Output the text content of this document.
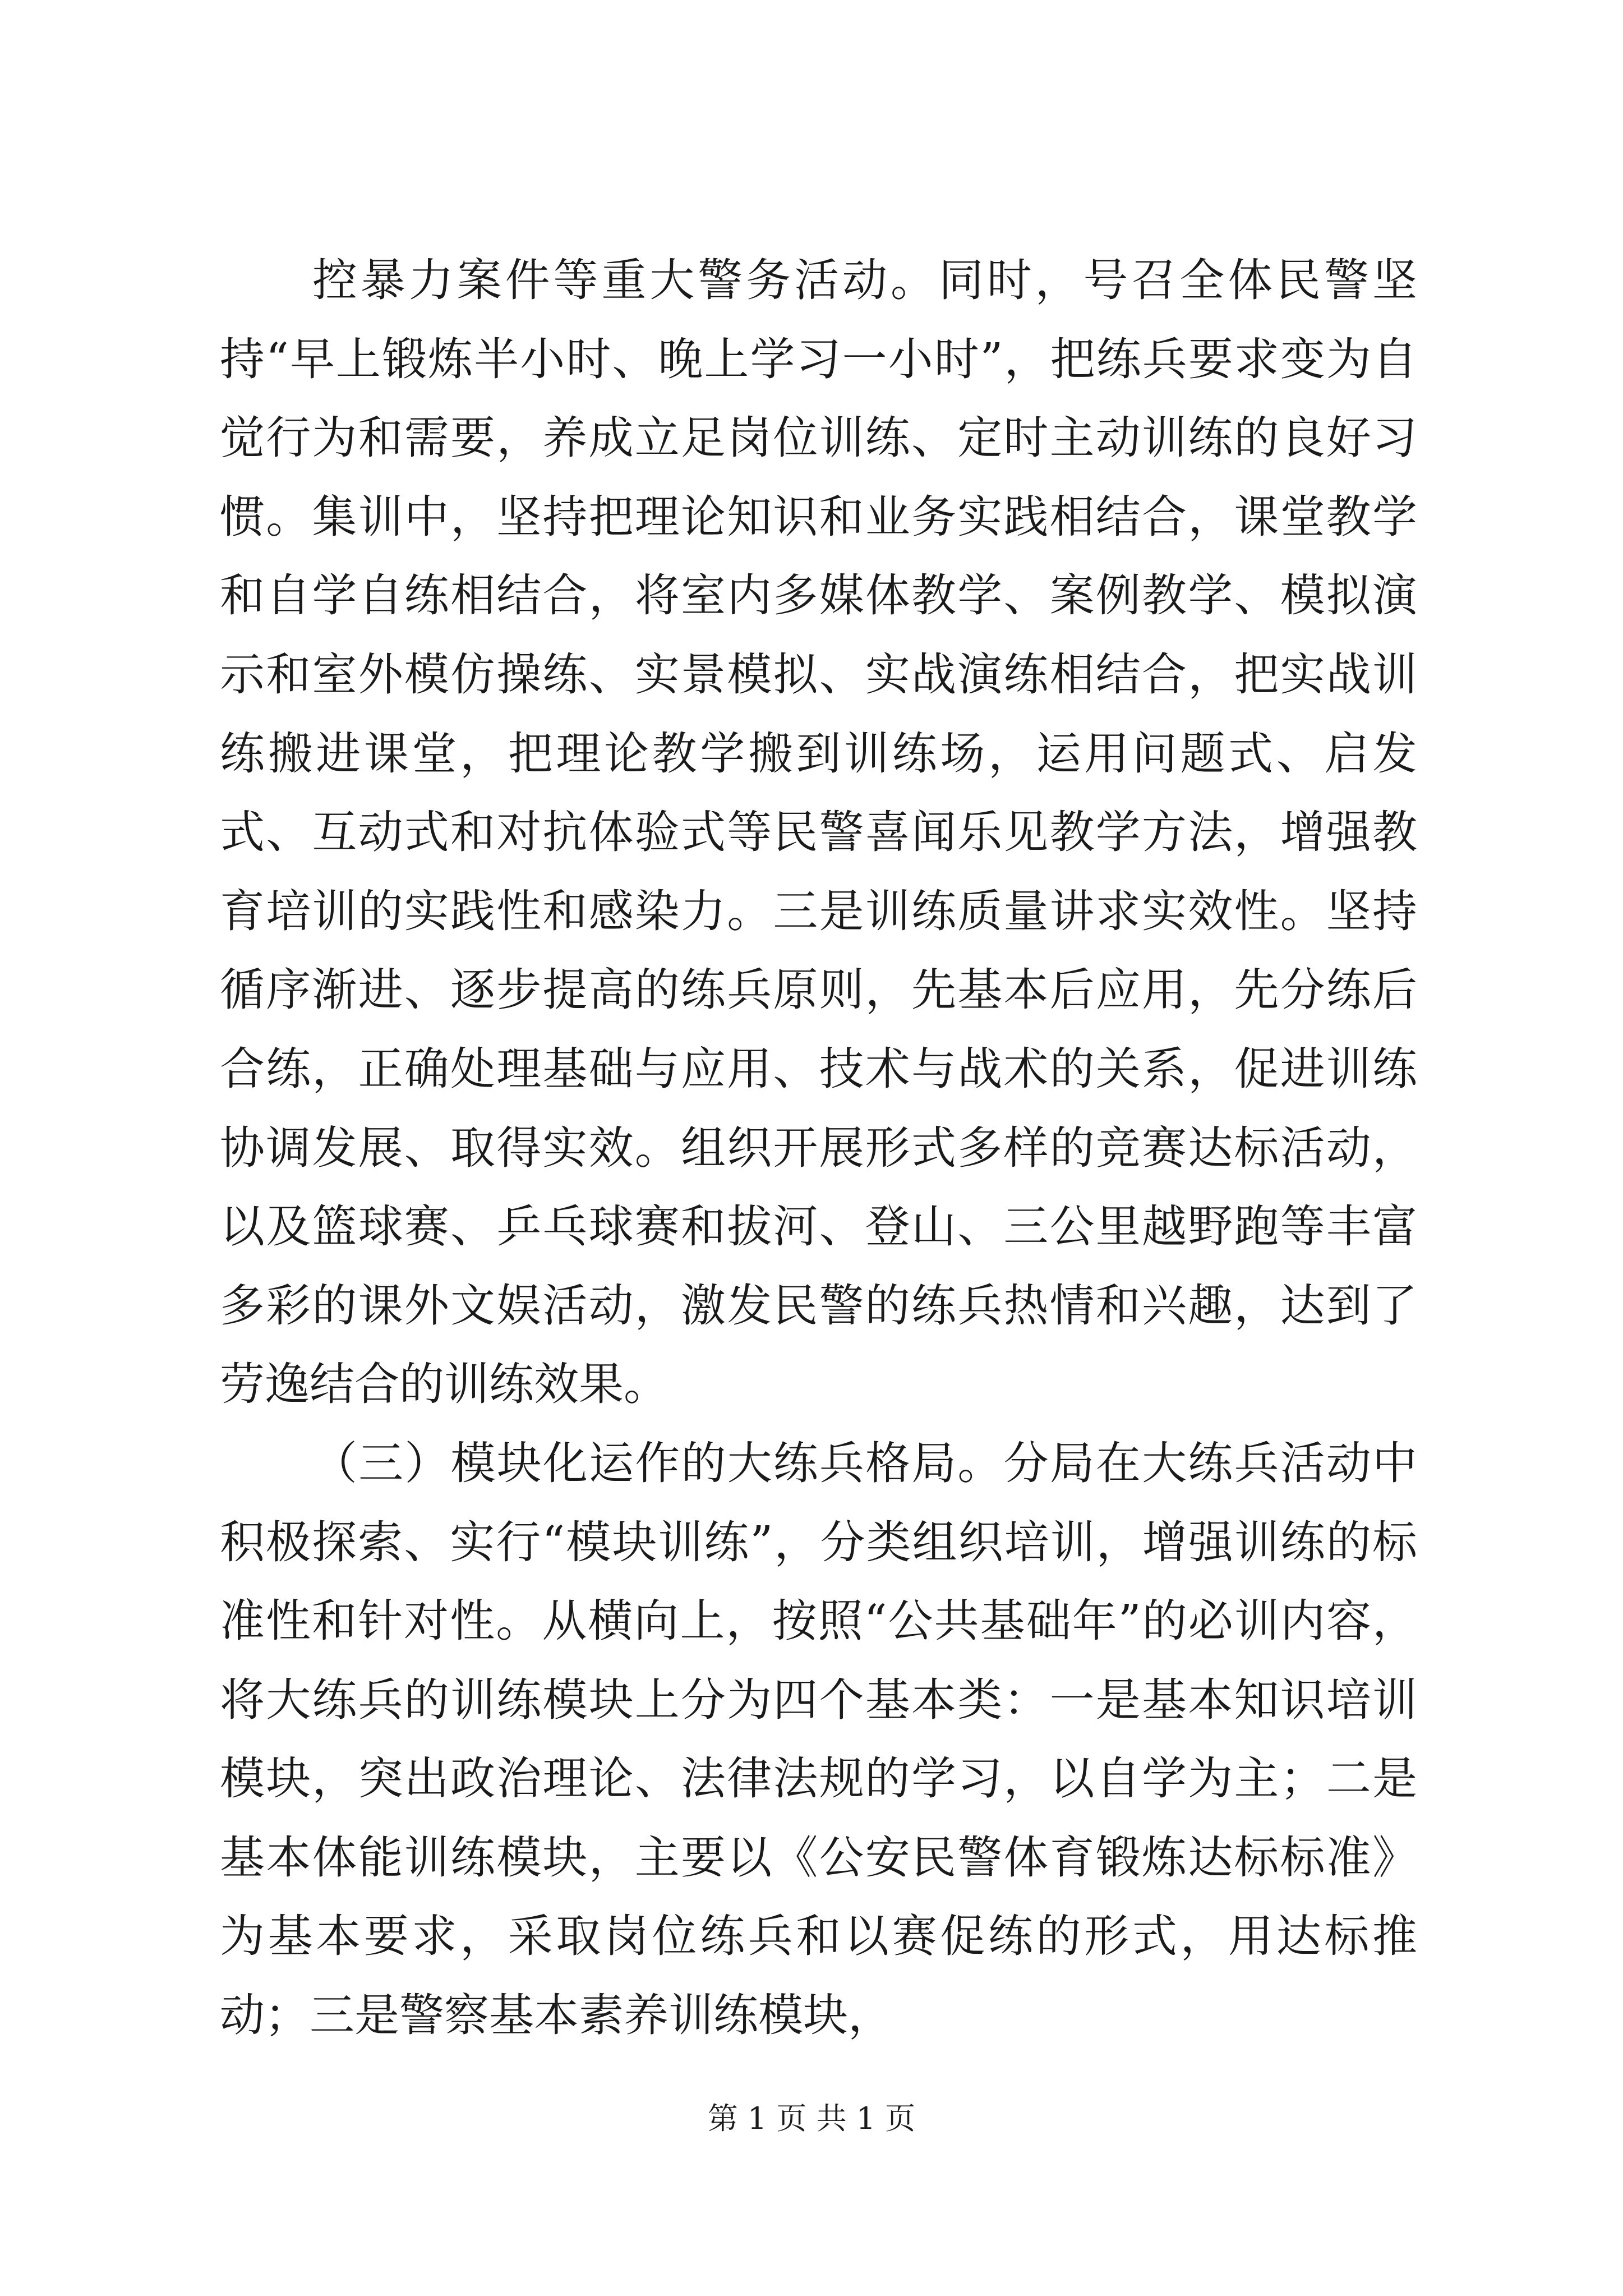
控暴力案件等重大警务活动。同时，号召全体民警坚持“早上锻炼半小时、晚上学习一小时”，把练兵要求变为自觉行为和需要，养成立足岗位训练、定时主动训练的良好习惯。集训中，坚持把理论知识和业务实践相结合，课堂教学和自学自练相结合，将室内多媒体教学、案例教学、模拟演示和室外模仿操练、实景模拟、实战演练相结合，把实战训练搬进课堂，把理论教学搬到训练场，运用问题式、启发式、互动式和对抗体验式等民警喜闻乐见教学方法，增强教育培训的实践性和感染力。三是训练质量讲求实效性。坚持循序渐进、逐步提高的练兵原则，先基本后应用，先分练后合练，正确处理基础与应用、技术与战术的关系，促进训练协调发展、取得实效。组织开展形式多样的竞赛达标活动，以及篮球赛、乒乓球赛和拔河、登山、三公里越野跑等丰富多彩的课外文娱活动，激发民警的练兵热情和兴趣，达到了劳逸结合的训练效果。

（三）模块化运作的大练兵格局。分局在大练兵活动中积极探索、实行“模块训练”，分类组织培训，增强训练的标准性和针对性。从横向上，按照“公共基础年”的必训内容，将大练兵的训练模块上分为四个基本类：一是基本知识培训模块，突出政治理论、法律法规的学习，以自学为主；二是基本体能训练模块，主要以《公安民警体育锻炼达标标准》为基本要求，采取岗位练兵和以赛促练的形式，用达标推动；三是警察基本素养训练模块，

第 1 页 共 1 页
